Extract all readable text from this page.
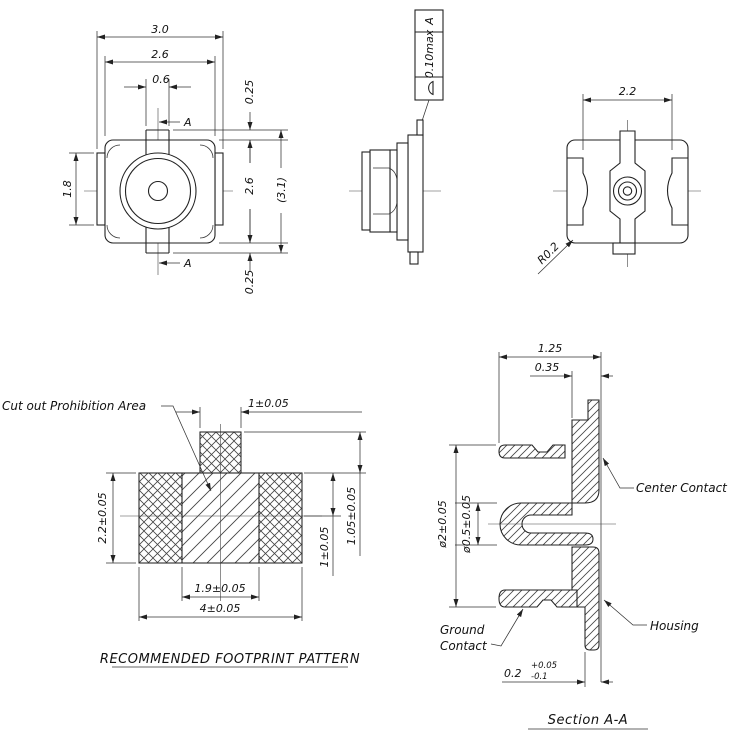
3.0
2.6
0.6
A
A
1.8
0.25
2.6 (3.1)
0.25
0.10max
A
2.2
R0.2
Cut out Prohibition Area	1±0.05
2.2±0.05
1.9±0.05
4±0.05
1.05±0.05
1±0.05
RECOMMENDED FOOTPRINT PATTERN
1.25
0.35
ø2±0.05 ø0.5±0.05
0.2
+0.05
-0.1
Center Contact
Housing
Ground
Contact
Section A-A
